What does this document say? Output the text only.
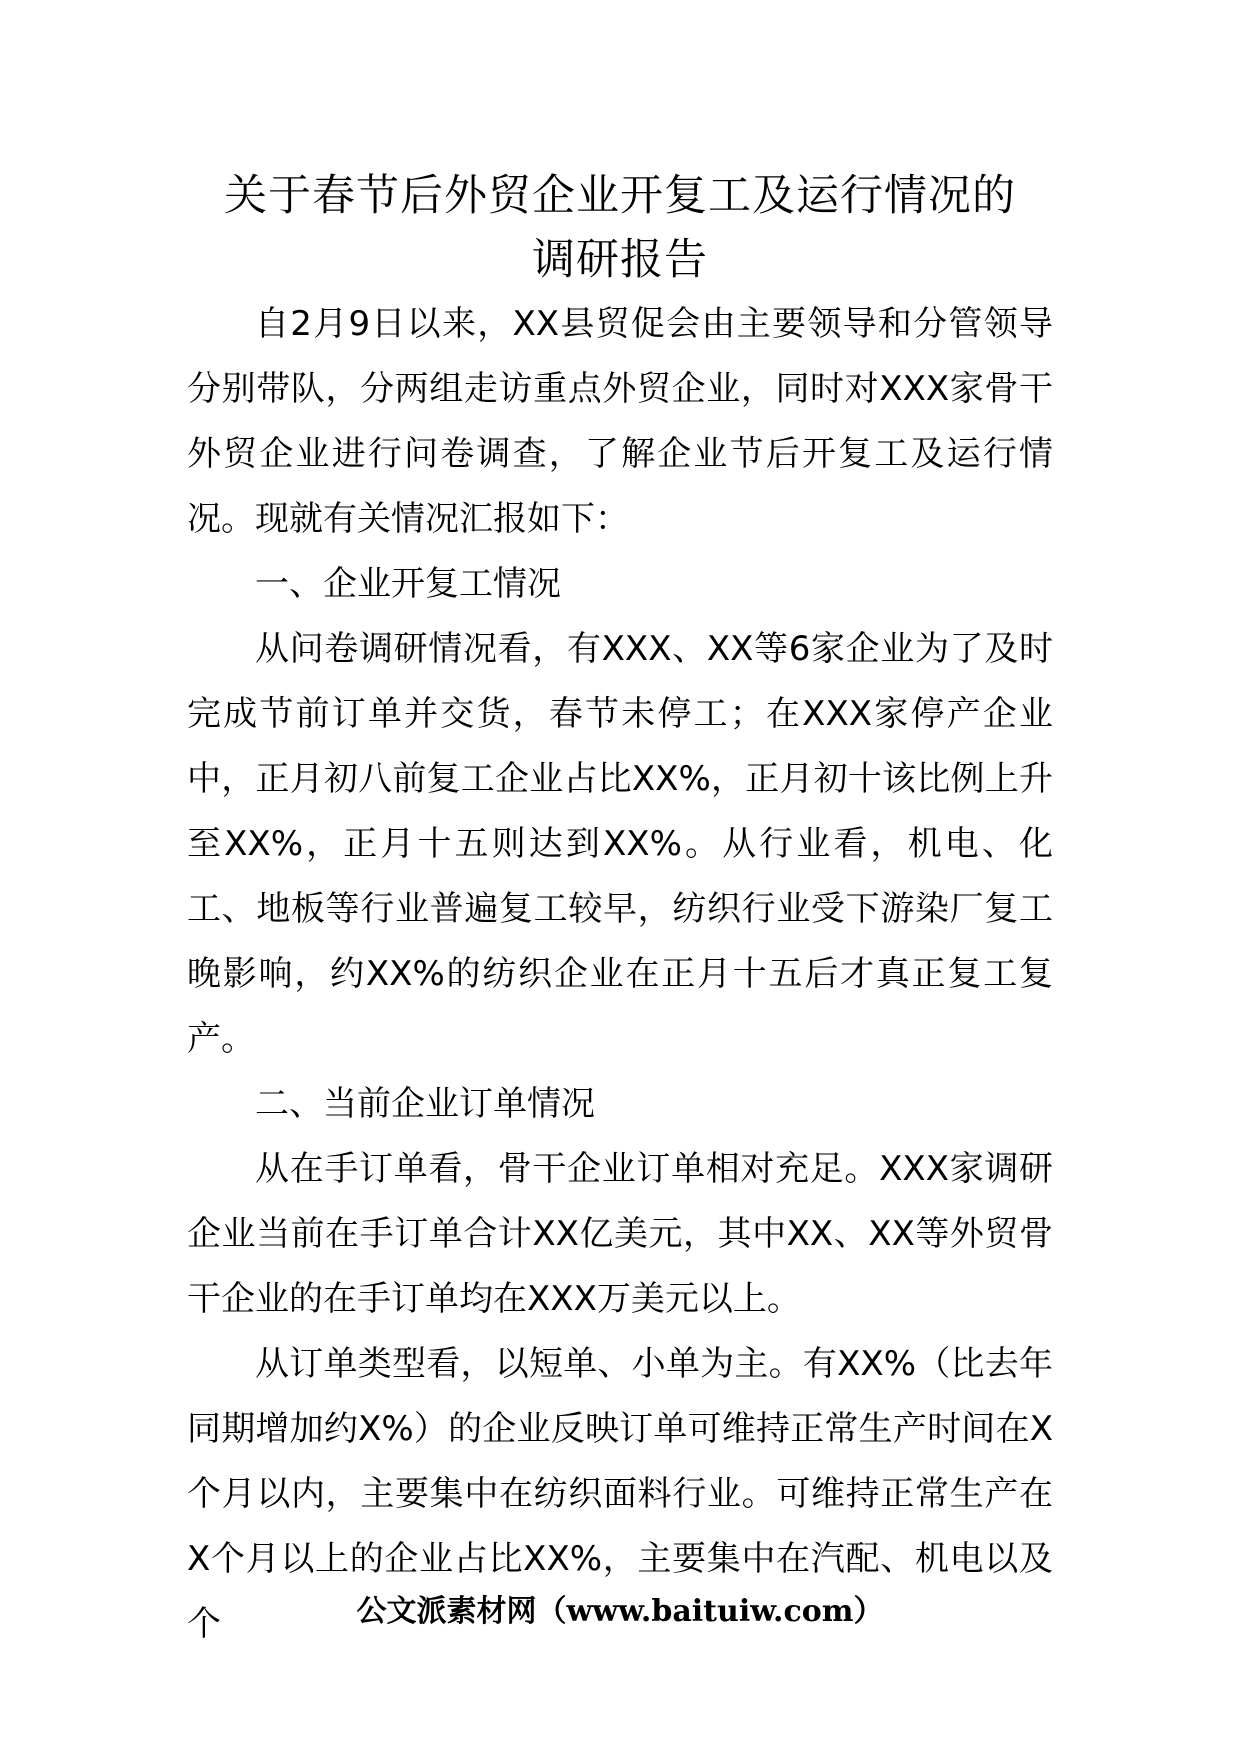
关于春节后外贸企业开复工及运行情况的
调研报告

自2月9日以来，XX县贸促会由主要领导和分管领导分别带队，分两组走访重点外贸企业，同时对XXX家骨干外贸企业进行问卷调查，了解企业节后开复工及运行情况。现就有关情况汇报如下：

一、企业开复工情况

从问卷调研情况看，有XXX、XX等6家企业为了及时完成节前订单并交货，春节未停工；在XXX家停产企业中，正月初八前复工企业占比XX%，正月初十该比例上升至XX%，正月十五则达到XX%。从行业看，机电、化工、地板等行业普遍复工较早，纺织行业受下游染厂复工晚影响，约XX%的纺织企业在正月十五后才真正复工复产。

二、当前企业订单情况

从在手订单看，骨干企业订单相对充足。XXX家调研企业当前在手订单合计XX亿美元，其中XX、XX等外贸骨干企业的在手订单均在XXX万美元以上。

从订单类型看，以短单、小单为主。有XX%（比去年同期增加约X%）的企业反映订单可维持正常生产时间在X个月以内，主要集中在纺织面料行业。可维持正常生产在X个月以上的企业占比XX%，主要集中在汽配、机电以及个	公文派素材网（www.baituiw.com）
